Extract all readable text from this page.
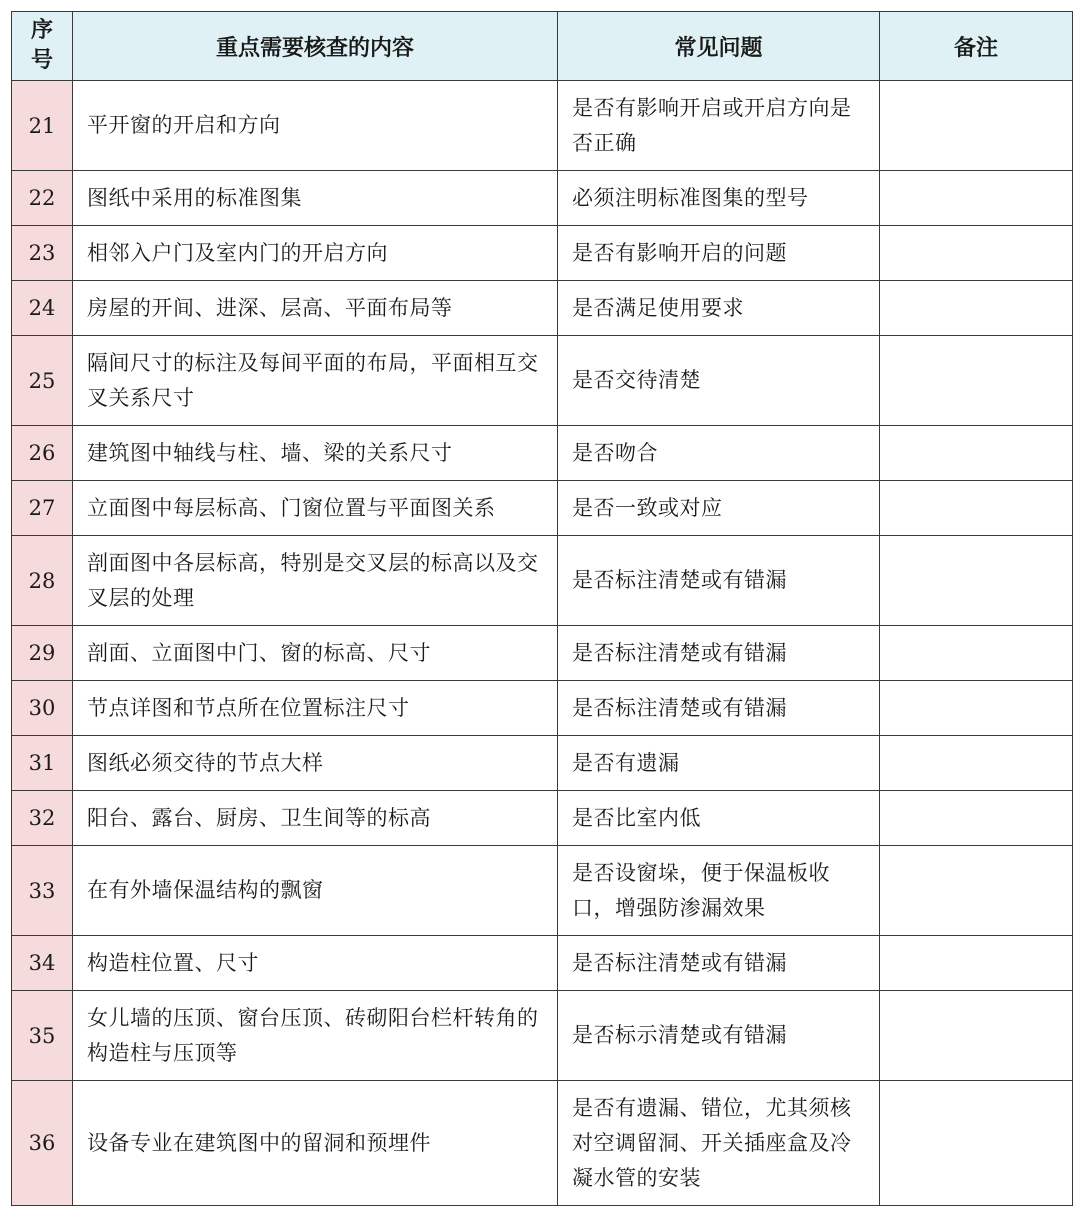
序号	重点需要核查的内容	常见问题	备注
21	平开窗的开启和方向	是否有影响开启或开启方向是否正确	
22	图纸中采用的标准图集	必须注明标准图集的型号	
23	相邻入户门及室内门的开启方向	是否有影响开启的问题	
24	房屋的开间、进深、层高、平面布局等	是否满足使用要求	
25	隔间尺寸的标注及每间平面的布局，平面相互交叉关系尺寸	是否交待清楚	
26	建筑图中轴线与柱、墙、梁的关系尺寸	是否吻合	
27	立面图中每层标高、门窗位置与平面图关系	是否一致或对应	
28	剖面图中各层标高，特别是交叉层的标高以及交叉层的处理	是否标注清楚或有错漏	
29	剖面、立面图中门、窗的标高、尺寸	是否标注清楚或有错漏	
30	节点详图和节点所在位置标注尺寸	是否标注清楚或有错漏	
31	图纸必须交待的节点大样	是否有遗漏	
32	阳台、露台、厨房、卫生间等的标高	是否比室内低	
33	在有外墙保温结构的飘窗	是否设窗垛，便于保温板收口，增强防渗漏效果	
34	构造柱位置、尺寸	是否标注清楚或有错漏	
35	女儿墙的压顶、窗台压顶、砖砌阳台栏杆转角的构造柱与压顶等	是否标示清楚或有错漏	
36	设备专业在建筑图中的留洞和预埋件	是否有遗漏、错位，尤其须核对空调留洞、开关插座盒及冷凝水管的安装	
